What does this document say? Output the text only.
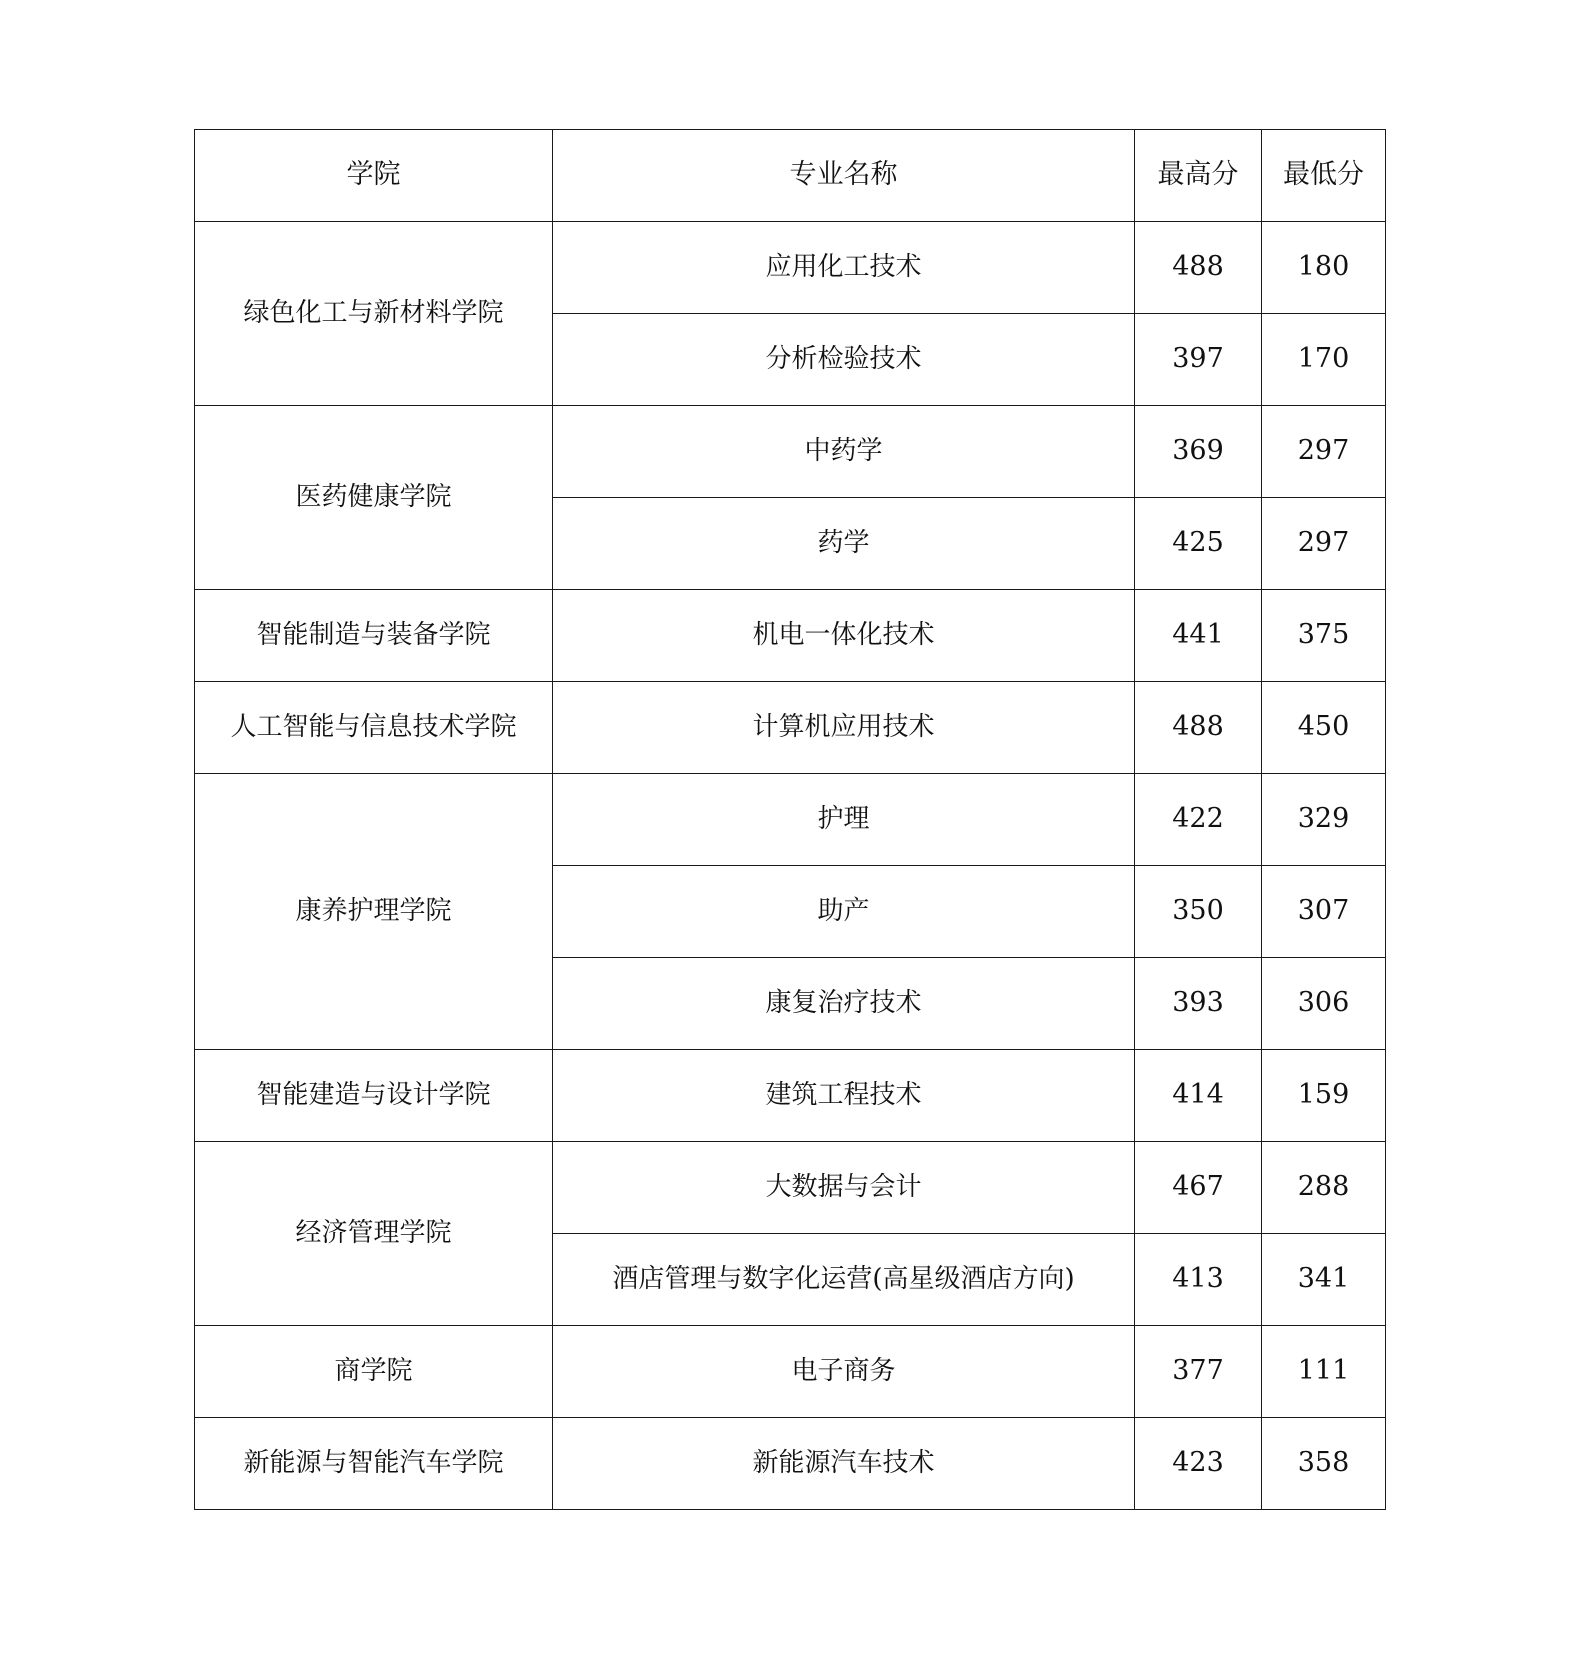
学院	专业名称	最高分	最低分
绿色化工与新材料学院	应用化工技术	488	180
	分析检验技术	397	170
医药健康学院	中药学	369	297
	药学	425	297
智能制造与装备学院	机电一体化技术	441	375
人工智能与信息技术学院	计算机应用技术	488	450
康养护理学院	护理	422	329
	助产	350	307
	康复治疗技术	393	306
智能建造与设计学院	建筑工程技术	414	159
经济管理学院	大数据与会计	467	288
	酒店管理与数字化运营(高星级酒店方向)	413	341
商学院	电子商务	377	111
新能源与智能汽车学院	新能源汽车技术	423	358
